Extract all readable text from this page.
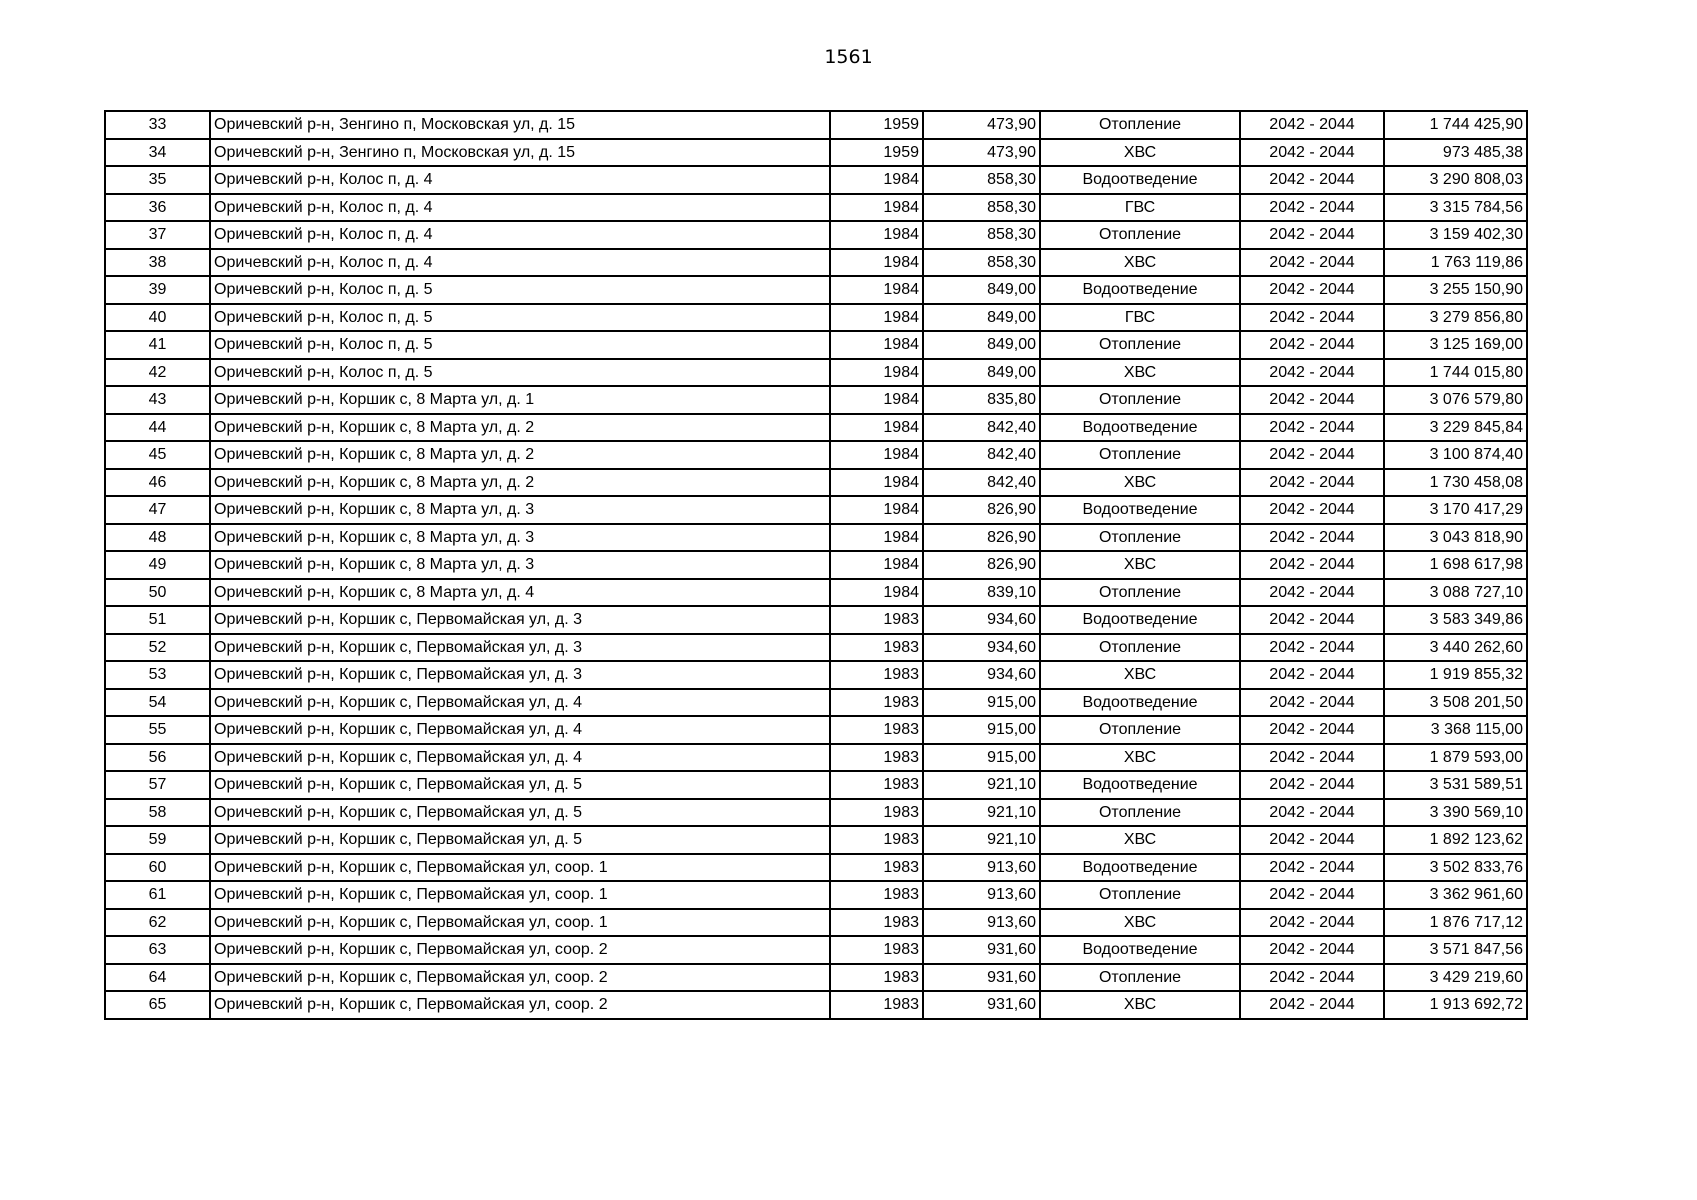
1561
33	Оричевский р-н, Зенгино п, Московская ул, д. 15	1959	473,90	Отопление	2042 - 2044	1 744 425,90
34	Оричевский р-н, Зенгино п, Московская ул, д. 15	1959	473,90	ХВС	2042 - 2044	973 485,38
35	Оричевский р-н, Колос п, д. 4	1984	858,30	Водоотведение	2042 - 2044	3 290 808,03
36	Оричевский р-н, Колос п, д. 4	1984	858,30	ГВС	2042 - 2044	3 315 784,56
37	Оричевский р-н, Колос п, д. 4	1984	858,30	Отопление	2042 - 2044	3 159 402,30
38	Оричевский р-н, Колос п, д. 4	1984	858,30	ХВС	2042 - 2044	1 763 119,86
39	Оричевский р-н, Колос п, д. 5	1984	849,00	Водоотведение	2042 - 2044	3 255 150,90
40	Оричевский р-н, Колос п, д. 5	1984	849,00	ГВС	2042 - 2044	3 279 856,80
41	Оричевский р-н, Колос п, д. 5	1984	849,00	Отопление	2042 - 2044	3 125 169,00
42	Оричевский р-н, Колос п, д. 5	1984	849,00	ХВС	2042 - 2044	1 744 015,80
43	Оричевский р-н, Коршик с, 8 Марта ул, д. 1	1984	835,80	Отопление	2042 - 2044	3 076 579,80
44	Оричевский р-н, Коршик с, 8 Марта ул, д. 2	1984	842,40	Водоотведение	2042 - 2044	3 229 845,84
45	Оричевский р-н, Коршик с, 8 Марта ул, д. 2	1984	842,40	Отопление	2042 - 2044	3 100 874,40
46	Оричевский р-н, Коршик с, 8 Марта ул, д. 2	1984	842,40	ХВС	2042 - 2044	1 730 458,08
47	Оричевский р-н, Коршик с, 8 Марта ул, д. 3	1984	826,90	Водоотведение	2042 - 2044	3 170 417,29
48	Оричевский р-н, Коршик с, 8 Марта ул, д. 3	1984	826,90	Отопление	2042 - 2044	3 043 818,90
49	Оричевский р-н, Коршик с, 8 Марта ул, д. 3	1984	826,90	ХВС	2042 - 2044	1 698 617,98
50	Оричевский р-н, Коршик с, 8 Марта ул, д. 4	1984	839,10	Отопление	2042 - 2044	3 088 727,10
51	Оричевский р-н, Коршик с, Первомайская ул, д. 3	1983	934,60	Водоотведение	2042 - 2044	3 583 349,86
52	Оричевский р-н, Коршик с, Первомайская ул, д. 3	1983	934,60	Отопление	2042 - 2044	3 440 262,60
53	Оричевский р-н, Коршик с, Первомайская ул, д. 3	1983	934,60	ХВС	2042 - 2044	1 919 855,32
54	Оричевский р-н, Коршик с, Первомайская ул, д. 4	1983	915,00	Водоотведение	2042 - 2044	3 508 201,50
55	Оричевский р-н, Коршик с, Первомайская ул, д. 4	1983	915,00	Отопление	2042 - 2044	3 368 115,00
56	Оричевский р-н, Коршик с, Первомайская ул, д. 4	1983	915,00	ХВС	2042 - 2044	1 879 593,00
57	Оричевский р-н, Коршик с, Первомайская ул, д. 5	1983	921,10	Водоотведение	2042 - 2044	3 531 589,51
58	Оричевский р-н, Коршик с, Первомайская ул, д. 5	1983	921,10	Отопление	2042 - 2044	3 390 569,10
59	Оричевский р-н, Коршик с, Первомайская ул, д. 5	1983	921,10	ХВС	2042 - 2044	1 892 123,62
60	Оричевский р-н, Коршик с, Первомайская ул, соор. 1	1983	913,60	Водоотведение	2042 - 2044	3 502 833,76
61	Оричевский р-н, Коршик с, Первомайская ул, соор. 1	1983	913,60	Отопление	2042 - 2044	3 362 961,60
62	Оричевский р-н, Коршик с, Первомайская ул, соор. 1	1983	913,60	ХВС	2042 - 2044	1 876 717,12
63	Оричевский р-н, Коршик с, Первомайская ул, соор. 2	1983	931,60	Водоотведение	2042 - 2044	3 571 847,56
64	Оричевский р-н, Коршик с, Первомайская ул, соор. 2	1983	931,60	Отопление	2042 - 2044	3 429 219,60
65	Оричевский р-н, Коршик с, Первомайская ул, соор. 2	1983	931,60	ХВС	2042 - 2044	1 913 692,72
